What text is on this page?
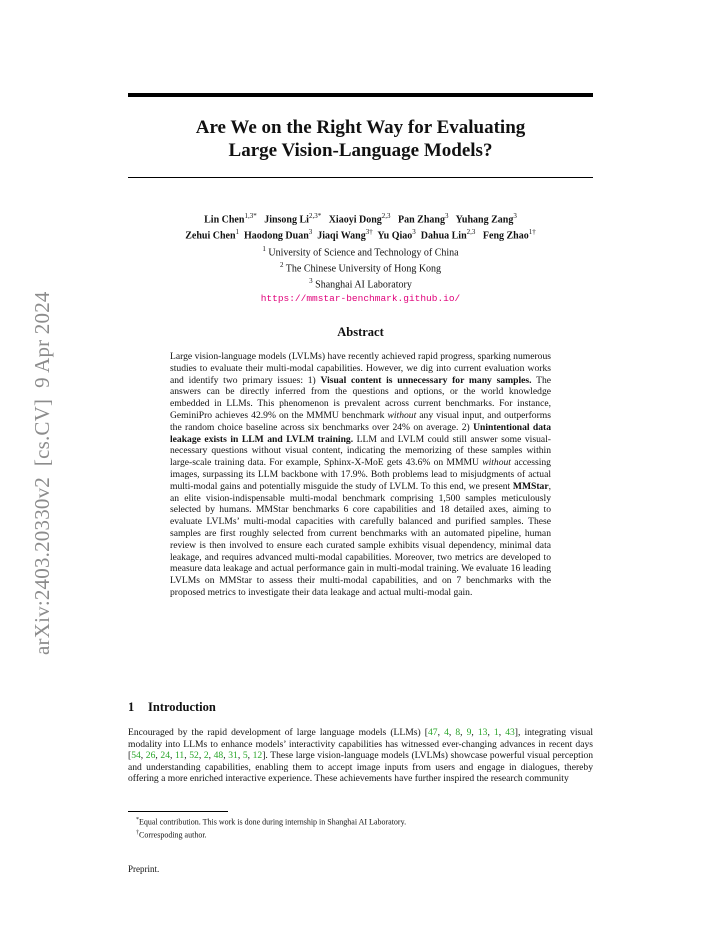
arXiv:2403.20330v2  [cs.CV]  9 Apr 2024
Are We on the Right Way for Evaluating
Large Vision-Language Models?
Lin Chen$^{1,3*}$ Jinsong $Li^{2,3*}$ Xiaoyi Dong$^{2,3}$ Pan Zhang$^3$ Yuhang Zang$^3$
Zehui Chen$^1$ Haodong Duan$^3$ Jiaqi Wang$^{3\dagger}$ Yu Qiao$^3$ Dahua Lin$^{2,3}$ Feng Zhao$^{1\dagger}$
$^1$ University of Science and Technology of China
$^2$ The Chinese University of Hong Kong
$^3$ Shanghai AI Laboratory
https://mmstar-benchmark.github.io/
Abstract
Large vision-language models (LVLMs) have recently achieved rapid progress, sparking numerous studies to evaluate their multi-modal capabilities. However, we dig into current evaluation works and identify two primary issues: 1) Visual content is unnecessary for many samples. The answers can be directly inferred from the questions and options, or the world knowledge embedded in LLMs. This phenomenon is prevalent across current benchmarks. For instance, GeminiPro achieves 42.9% on the MMMU benchmark without any visual input, and outperforms the random choice baseline across six benchmarks over 24% on average. 2) Unintentional data leakage exists in LLM and LVLM training. LLM and LVLM could still answer some visual-necessary questions without visual content, indicating the memorizing of these samples within large-scale training data. For example, Sphinx-X-MoE gets 43.6% on MMMU without accessing images, surpassing its LLM backbone with 17.9%. Both problems lead to misjudgments of actual multi-modal gains and potentially misguide the study of LVLM. To this end, we present MMStar, an elite vision-indispensable multi-modal benchmark comprising 1,500 samples meticulously selected by humans. MMStar benchmarks 6 core capabilities and 18 detailed axes, aiming to evaluate LVLMs’ multi-modal capacities with carefully balanced and purified samples. These samples are first roughly selected from current benchmarks with an automated pipeline, human review is then involved to ensure each curated sample exhibits visual dependency, minimal data leakage, and requires advanced multi-modal capabilities. Moreover, two metrics are developed to measure data leakage and actual performance gain in multi-modal training. We evaluate 16 leading LVLMs on MMStar to assess their multi-modal capabilities, and on 7 benchmarks with the proposed metrics to investigate their data leakage and actual multi-modal gain.
1 Introduction
Encouraged by the rapid development of large language models (LLMs) [47, 4, 8, 9, 13, 1, 43], integrating visual modality into LLMs to enhance models’ interactivity capabilities has witnessed ever-changing advances in recent days [54, 26, 24, 11, 52, 2, 48, 31, 5, 12]. These large vision-language models (LVLMs) showcase powerful visual perception and understanding capabilities, enabling them to accept image inputs from users and engage in dialogues, thereby offering a more enriched interactive experience. These achievements have further inspired the research community
*Equal contribution. This work is done during internship in Shanghai AI Laboratory.
†Correspoding author.
Preprint.
